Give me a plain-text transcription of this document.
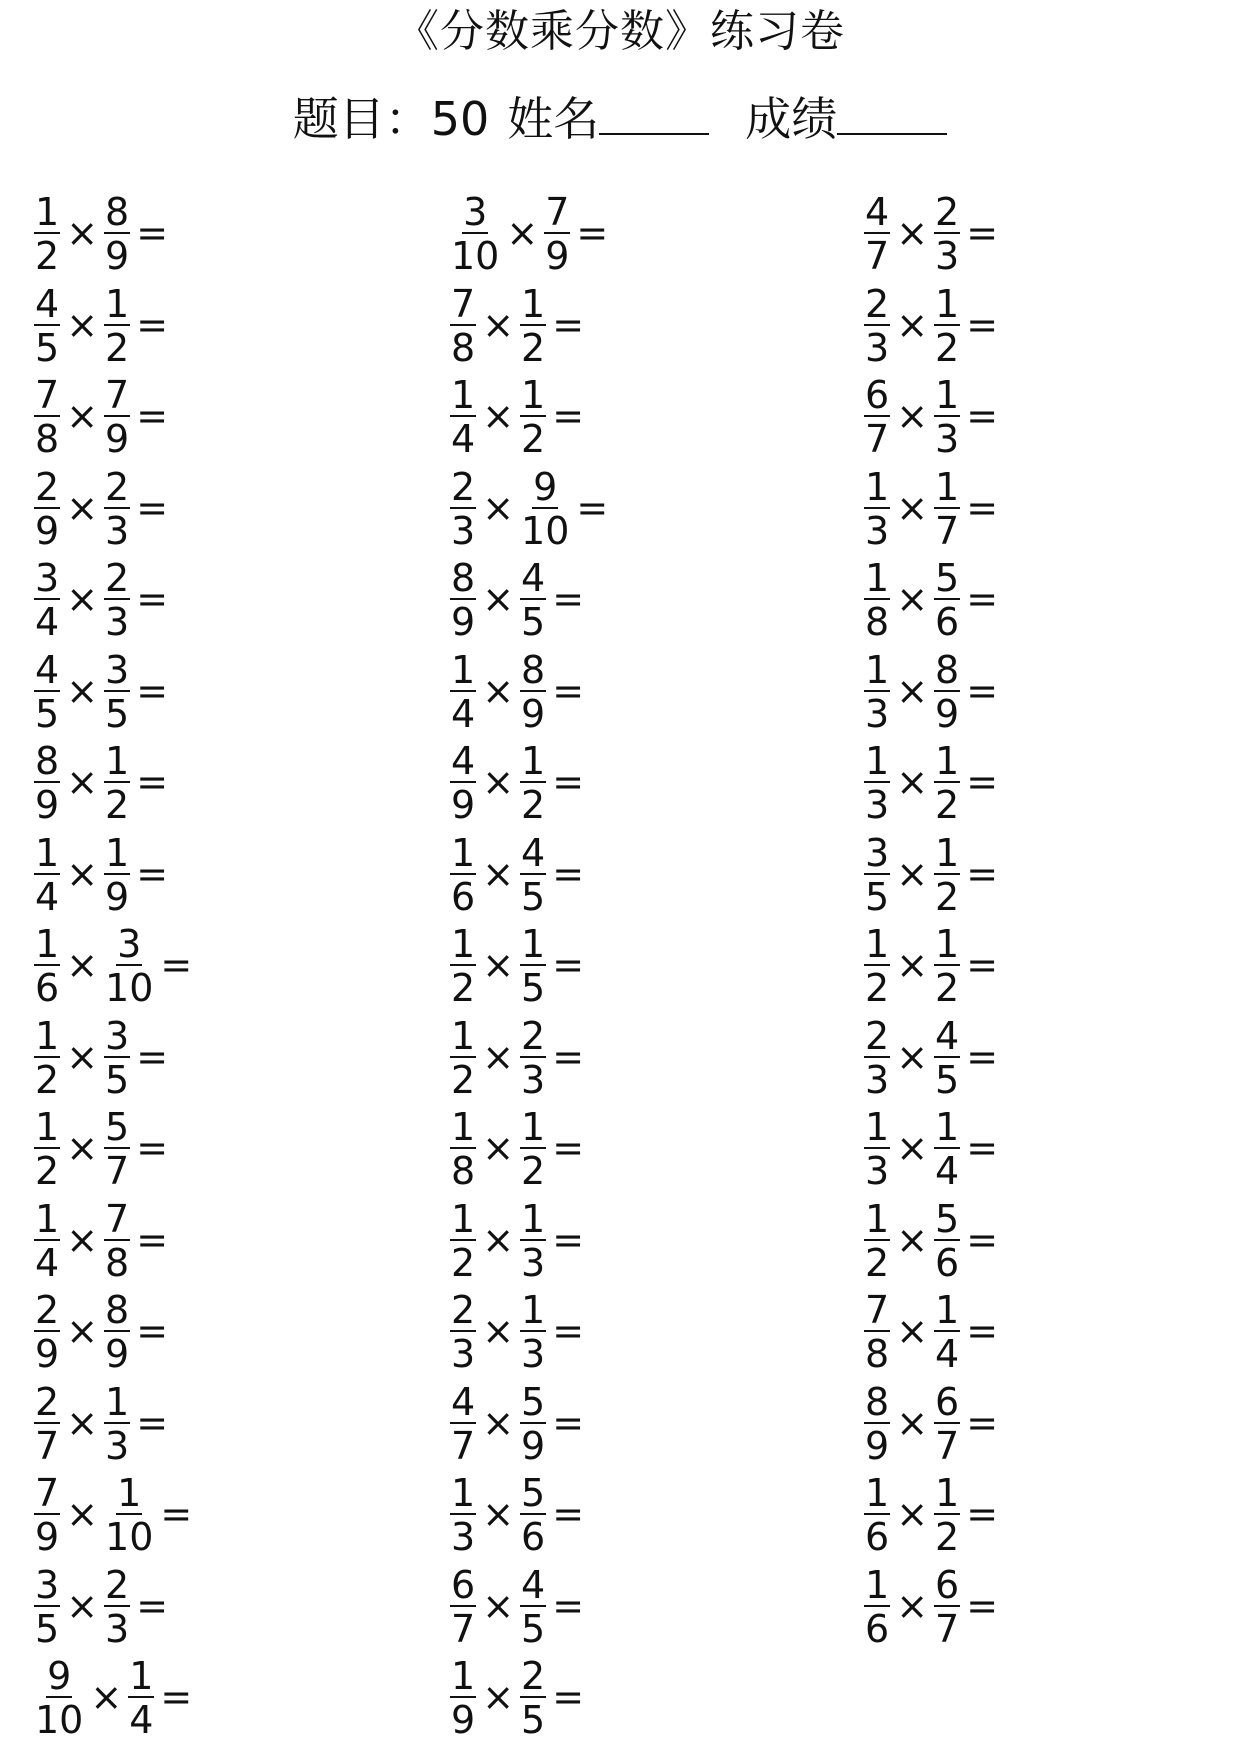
《分数乘分数》练习卷
题目：50 姓名	成绩
$\frac{1}{2} \times \frac{8}{9}$ =
$\frac{4}{5} \times \frac{1}{2}$ =
$\frac{7}{8} \times \frac{7}{9}$ =
$\frac{2}{9} \times \frac{2}{3}$ =
$\frac{3}{4} \times \frac{2}{3}$ =
$\frac{4}{5} \times \frac{3}{5}$ =
$\frac{8}{9} \times \frac{1}{2}$ =
$\frac{1}{4} \times \frac{1}{9}$ =
$\frac{1}{6} \times \frac{3}{10}$ =
$\frac{1}{2} \times \frac{3}{5}$ =
$\frac{1}{2} \times \frac{5}{7}$ =
$\frac{1}{4} \times \frac{7}{8}$ =
$\frac{2}{9} \times \frac{8}{9}$ =
$\frac{2}{7} \times \frac{1}{3}$ =
$\frac{7}{9} \times \frac{1}{10}$ =
$\frac{3}{5} \times \frac{2}{3}$ =
$\frac{9}{10} \times \frac{1}{4}$ =
$\frac{3}{10} \times \frac{7}{9}$ =
$\frac{7}{8} \times \frac{1}{2}$ =
$\frac{1}{4} \times \frac{1}{2}$ =
$\frac{2}{3} \times \frac{9}{10}$ =
$\frac{8}{9} \times \frac{4}{5}$ =
$\frac{1}{4} \times \frac{8}{9}$ =
$\frac{4}{9} \times \frac{1}{2}$ =
$\frac{1}{6} \times \frac{4}{5}$ =
$\frac{1}{2} \times \frac{1}{5}$ =
$\frac{1}{2} \times \frac{2}{3}$ =
$\frac{1}{8} \times \frac{1}{2}$ =
$\frac{1}{2} \times \frac{1}{3}$ =
$\frac{2}{3} \times \frac{1}{3}$ =
$\frac{4}{7} \times \frac{5}{9}$ =
$\frac{1}{3} \times \frac{5}{6}$ =
$\frac{6}{7} \times \frac{4}{5}$ =
$\frac{1}{9} \times \frac{2}{5}$ =
$\frac{4}{7} \times \frac{2}{3}$ =
$\frac{2}{3} \times \frac{1}{2}$ =
$\frac{6}{7} \times \frac{1}{3}$ =
$\frac{1}{3} \times \frac{1}{7}$ =
$\frac{1}{8} \times \frac{5}{6}$ =
$\frac{1}{3} \times \frac{8}{9}$ =
$\frac{1}{3} \times \frac{1}{2}$ =
$\frac{3}{5} \times \frac{1}{2}$ =
$\frac{1}{2} \times \frac{1}{2}$ =
$\frac{2}{3} \times \frac{4}{5}$ =
$\frac{1}{3} \times \frac{1}{4}$ =
$\frac{1}{2} \times \frac{5}{6}$ =
$\frac{7}{8} \times \frac{1}{4}$ =
$\frac{8}{9} \times \frac{6}{7}$ =
$\frac{1}{6} \times \frac{1}{2}$ =
$\frac{1}{6} \times \frac{6}{7}$ =
